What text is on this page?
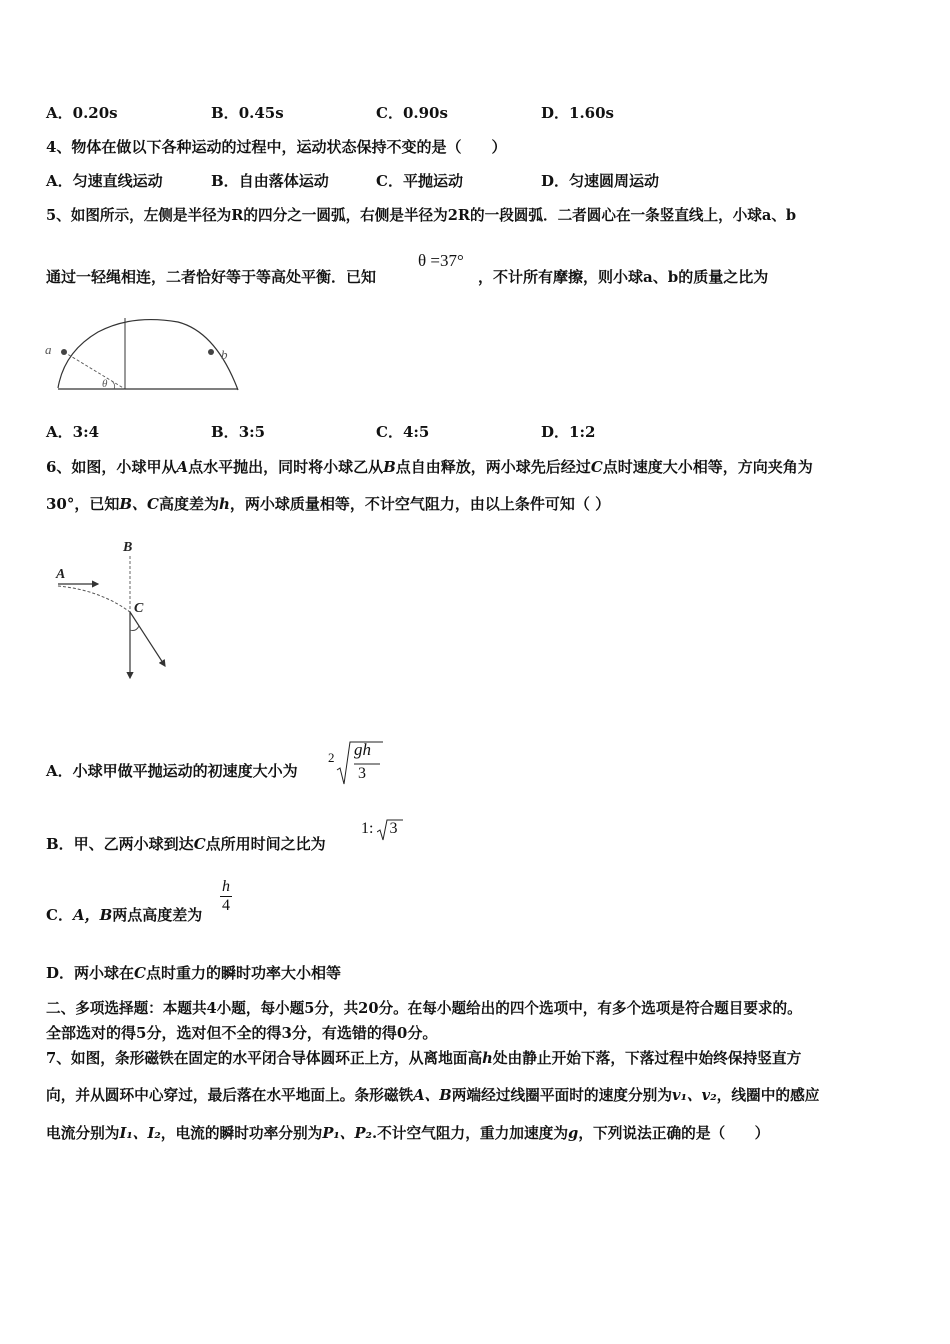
A．0.20s	B．0.45s	C．0.90s	D．1.60s
4、物体在做以下各种运动的过程中，运动状态保持不变的是（　　）
A．匀速直线运动	B．自由落体运动	C．平抛运动	D．匀速圆周运动
5、如图所示，左侧是半径为R的四分之一圆弧，右侧是半径为2R的一段圆弧．二者圆心在一条竖直线上，小球a、b
通过一轻绳相连，二者恰好等于等高处平衡．已知
θ =37°
，不计所有摩擦，则小球a、b的质量之比为
a	b
θ
A．3:4	B．3:5	C．4:5	D．1:2
6、如图，小球甲从A点水平抛出，同时将小球乙从B点自由释放，两小球先后经过C点时速度大小相等，方向夹角为
30°，已知B、C高度差为h，两小球质量相等，不计空气阻力，由以上条件可知（ ）
B
A
C
A．小球甲做平抛运动的初速度大小为
2 gh
3
B．甲、乙两小球到达C点所用时间之比为
1: 3
C．A，B两点高度差为 $\frac{h}{4}$
D．两小球在C点时重力的瞬时功率大小相等
二、多项选择题：本题共4小题，每小题5分，共20分。在每小题给出的四个选项中，有多个选项是符合题目要求的。
全部选对的得5分，选对但不全的得3分，有选错的得0分。
7、如图，条形磁铁在固定的水平闭合导体圆环正上方，从离地面高h处由静止开始下落，下落过程中始终保持竖直方
向，并从圆环中心穿过，最后落在水平地面上。条形磁铁A、B两端经过线圈平面时的速度分别为v₁、v₂，线圈中的感应
电流分别为I₁、I₂，电流的瞬时功率分别为P₁、P₂.不计空气阻力，重力加速度为g，下列说法正确的是（　　）
